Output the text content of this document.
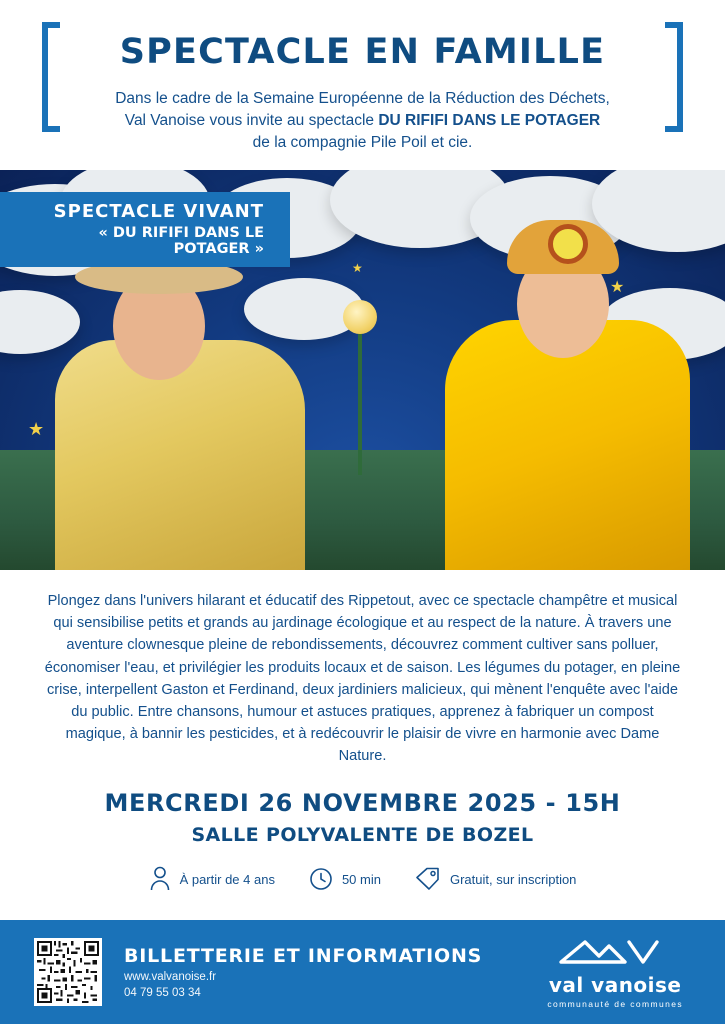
SPECTACLE EN FAMILLE
Dans le cadre de la Semaine Européenne de la Réduction des Déchets,
Val Vanoise vous invite au spectacle DU RIFIFI DANS LE POTAGER
de la compagnie Pile Poil et cie.
★
★
★
SPECTACLE VIVANT
« DU RIFIFI DANS LE POTAGER »
Plongez dans l'univers hilarant et éducatif des Rippetout, avec ce spectacle champêtre et musical qui sensibilise petits et grands au jardinage écologique et au respect de la nature. À travers une aventure clownesque pleine de rebondissements, découvrez comment cultiver sans polluer, économiser l'eau, et privilégier les produits locaux et de saison. Les légumes du potager, en pleine crise, interpellent Gaston et Ferdinand, deux jardiniers malicieux, qui mènent l'enquête avec l'aide du public. Entre chansons, humour et astuces pratiques, apprenez à fabriquer un compost magique, à bannir les pesticides, et à redécouvrir le plaisir de vivre en harmonie avec Dame Nature.
MERCREDI 26 NOVEMBRE 2025 - 15H
SALLE POLYVALENTE DE BOZEL
À partir de 4 ans	50 min	Gratuit, sur inscription
BILLETTERIE ET INFORMATIONS
www.valvanoise.fr
04 79 55 03 34	val vanoise
communauté de communes
